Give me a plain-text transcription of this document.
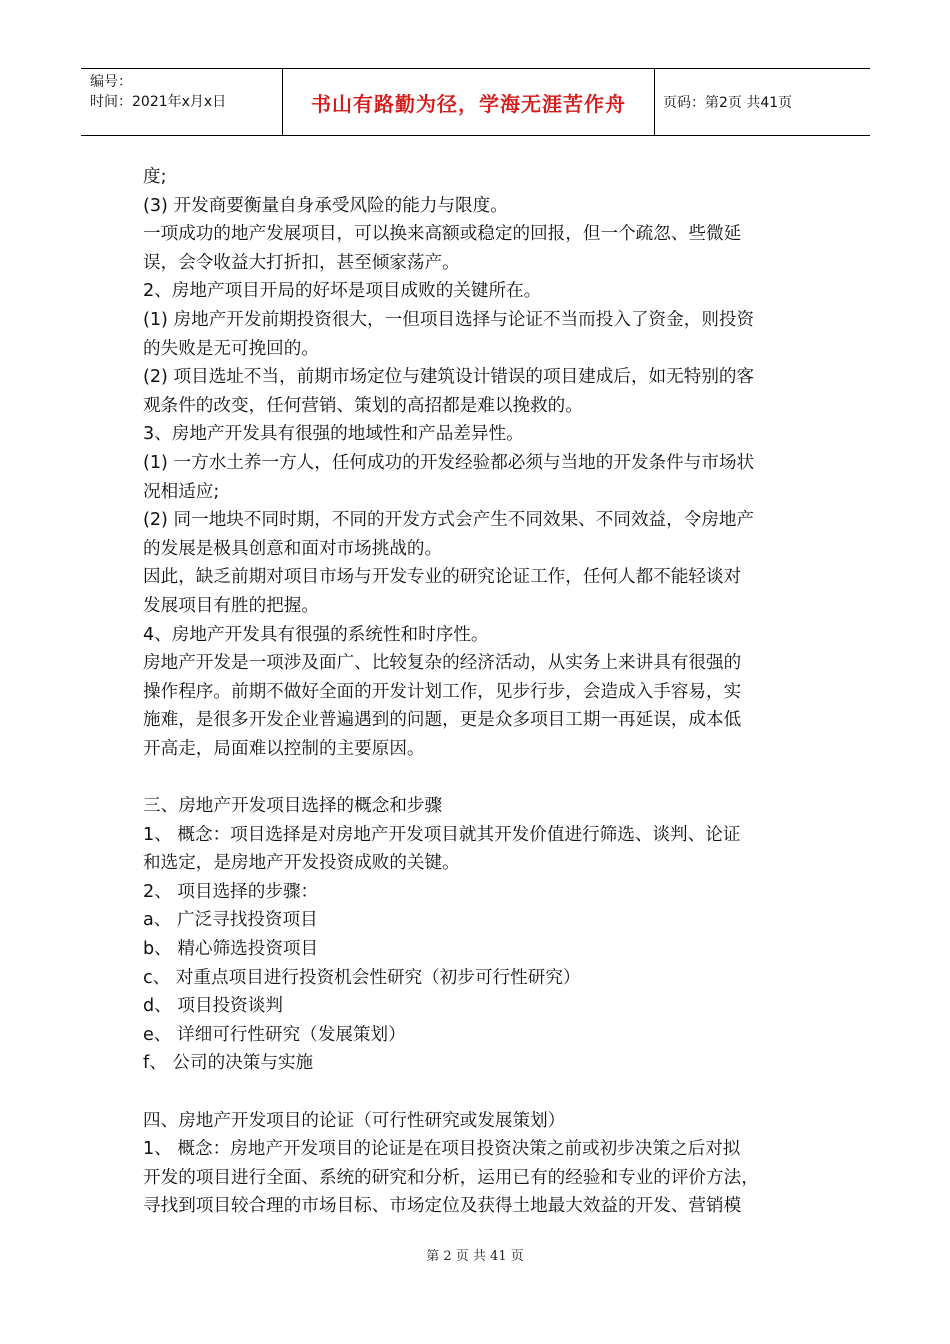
编号：
时间：2021年x月x日	书山有路勤为径，学海无涯苦作舟	页码：第2页 共41页
度;
(3) 开发商要衡量自身承受风险的能力与限度。
一项成功的地产发展项目，可以换来高额或稳定的回报，但一个疏忽、些微延
误，会令收益大打折扣，甚至倾家荡产。
2、房地产项目开局的好坏是项目成败的关键所在。
(1) 房地产开发前期投资很大，一但项目选择与论证不当而投入了资金，则投资
的失败是无可挽回的。
(2) 项目选址不当，前期市场定位与建筑设计错误的项目建成后，如无特别的客
观条件的改变，任何营销、策划的高招都是难以挽救的。
3、房地产开发具有很强的地域性和产品差异性。
(1) 一方水土养一方人，任何成功的开发经验都必须与当地的开发条件与市场状
况相适应;
(2) 同一地块不同时期，不同的开发方式会产生不同效果、不同效益，令房地产
的发展是极具创意和面对市场挑战的。
因此，缺乏前期对项目市场与开发专业的研究论证工作，任何人都不能轻谈对
发展项目有胜的把握。
4、房地产开发具有很强的系统性和时序性。
房地产开发是一项涉及面广、比较复杂的经济活动，从实务上来讲具有很强的
操作程序。前期不做好全面的开发计划工作，见步行步，会造成入手容易，实
施难，是很多开发企业普遍遇到的问题，更是众多项目工期一再延误，成本低
开高走，局面难以控制的主要原因。
三、房地产开发项目选择的概念和步骤
1、 概念：项目选择是对房地产开发项目就其开发价值进行筛选、谈判、论证
和选定，是房地产开发投资成败的关键。
2、 项目选择的步骤：
a、 广泛寻找投资项目
b、 精心筛选投资项目
c、 对重点项目进行投资机会性研究（初步可行性研究）
d、 项目投资谈判
e、 详细可行性研究（发展策划）
f、 公司的决策与实施
四、房地产开发项目的论证（可行性研究或发展策划）
1、 概念：房地产开发项目的论证是在项目投资决策之前或初步决策之后对拟
开发的项目进行全面、系统的研究和分析，运用已有的经验和专业的评价方法，
寻找到项目较合理的市场目标、市场定位及获得土地最大效益的开发、营销模
第 2 页 共 41 页
